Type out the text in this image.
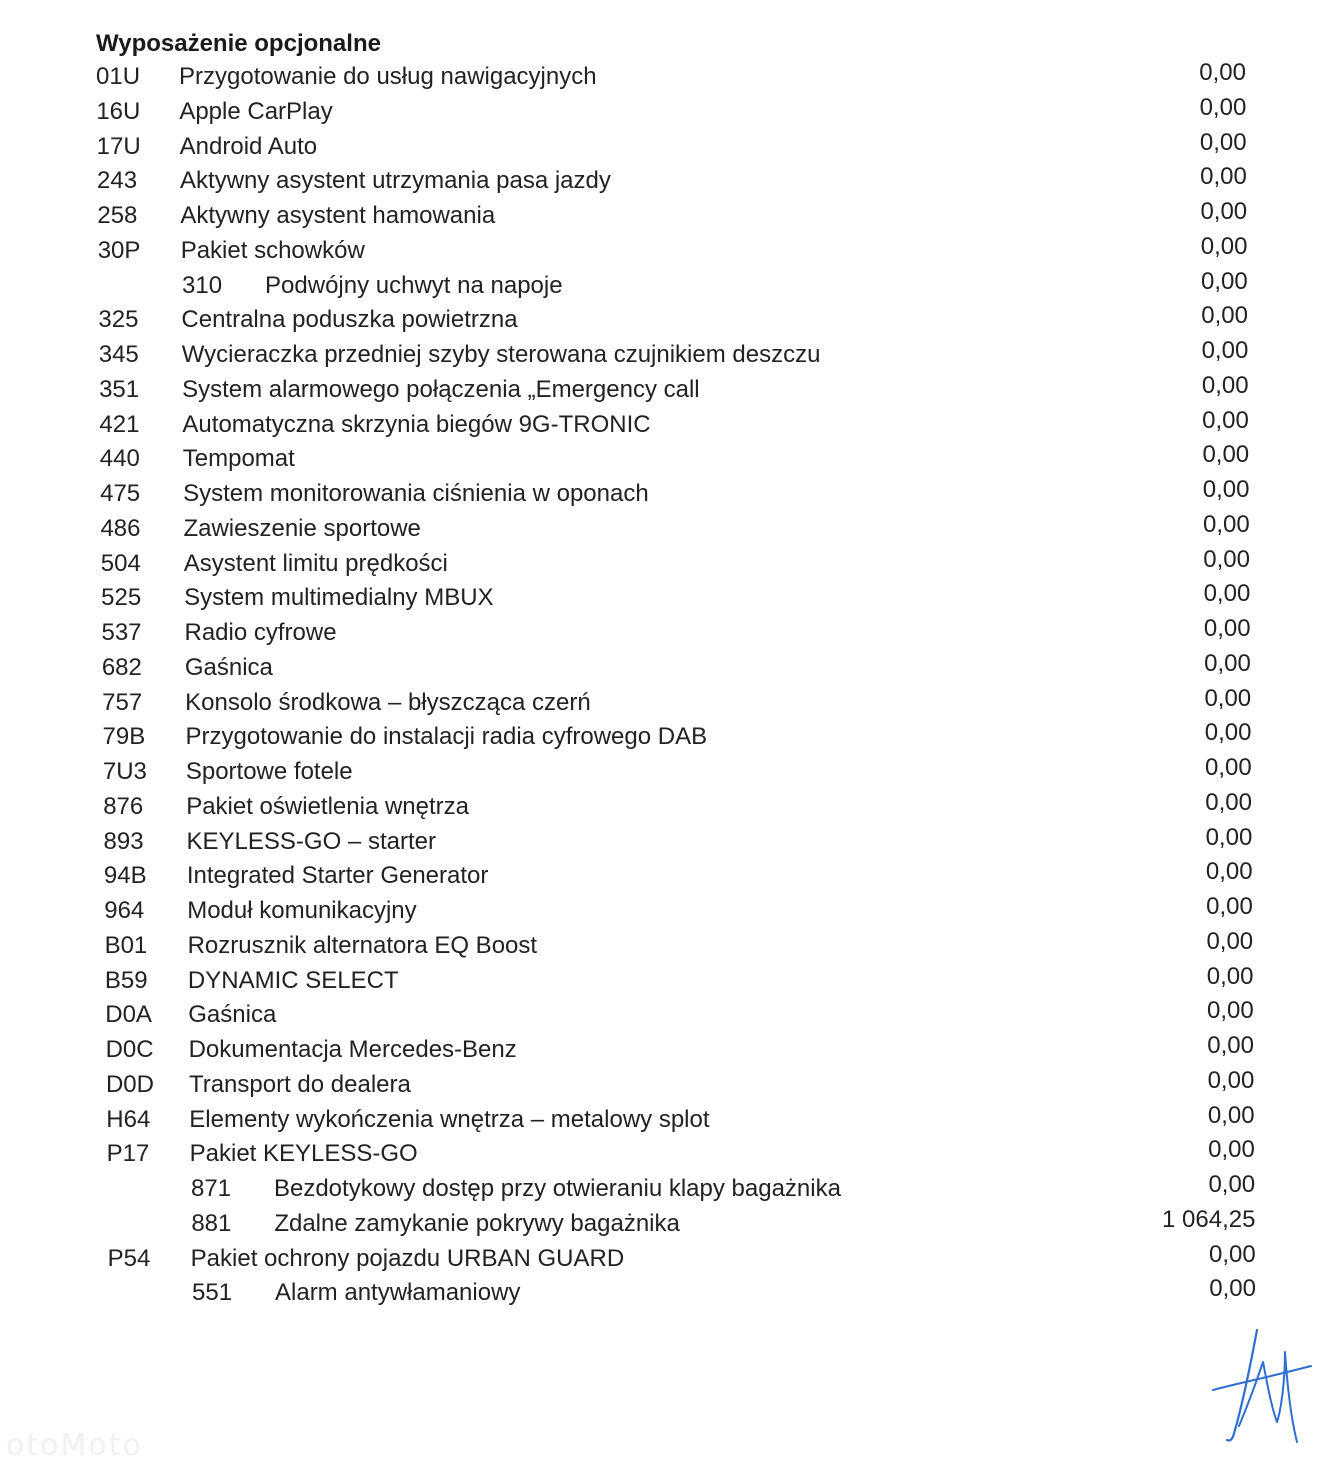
Wyposażenie opcjonalne
01U	Przygotowanie do usług nawigacyjnych	0,00
16U	Apple CarPlay	0,00
17U	Android Auto	0,00
243	Aktywny asystent utrzymania pasa jazdy	0,00
258	Aktywny asystent hamowania	0,00
30P	Pakiet schowków	0,00
310	Podwójny uchwyt na napoje	0,00
325	Centralna poduszka powietrzna	0,00
345	Wycieraczka przedniej szyby sterowana czujnikiem deszczu	0,00
351	System alarmowego połączenia „Emergency call	0,00
421	Automatyczna skrzynia biegów 9G-TRONIC	0,00
440	Tempomat	0,00
475	System monitorowania ciśnienia w oponach	0,00
486	Zawieszenie sportowe	0,00
504	Asystent limitu prędkości	0,00
525	System multimedialny MBUX	0,00
537	Radio cyfrowe	0,00
682	Gaśnica	0,00
757	Konsolo środkowa – błyszcząca czerń	0,00
79B	Przygotowanie do instalacji radia cyfrowego DAB	0,00
7U3	Sportowe fotele	0,00
876	Pakiet oświetlenia wnętrza	0,00
893	KEYLESS-GO – starter	0,00
94B	Integrated Starter Generator	0,00
964	Moduł komunikacyjny	0,00
B01	Rozrusznik alternatora EQ Boost	0,00
B59	DYNAMIC SELECT	0,00
D0A	Gaśnica	0,00
D0C	Dokumentacja Mercedes-Benz	0,00
D0D	Transport do dealera	0,00
H64	Elementy wykończenia wnętrza – metalowy splot	0,00
P17	Pakiet KEYLESS-GO	0,00
871	Bezdotykowy dostęp przy otwieraniu klapy bagażnika	0,00
881	Zdalne zamykanie pokrywy bagażnika	1 064,25
P54	Pakiet ochrony pojazdu URBAN GUARD	0,00
551	Alarm antywłamaniowy	0,00
otoMoto
